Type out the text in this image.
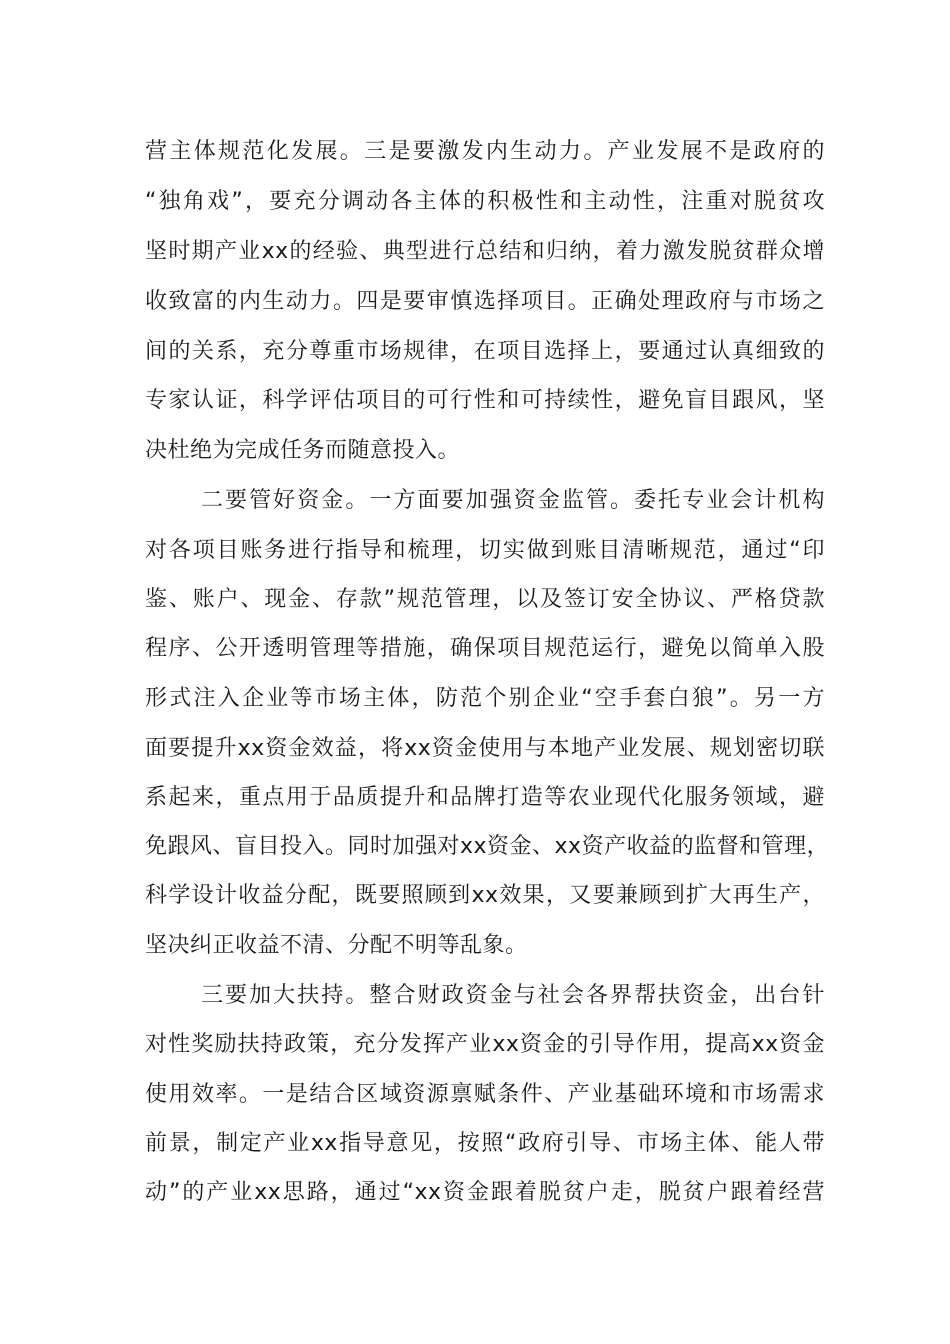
营主体规范化发展。三是要激发内生动力。产业发展不是政府的
“独角戏”，要充分调动各主体的积极性和主动性，注重对脱贫攻
坚时期产业xx的经验、典型进行总结和归纳，着力激发脱贫群众增
收致富的内生动力。四是要审慎选择项目。正确处理政府与市场之
间的关系，充分尊重市场规律，在项目选择上，要通过认真细致的
专家认证，科学评估项目的可行性和可持续性，避免盲目跟风，坚
决杜绝为完成任务而随意投入。
二要管好资金。一方面要加强资金监管。委托专业会计机构
对各项目账务进行指导和梳理，切实做到账目清晰规范，通过“印
鉴、账户、现金、存款”规范管理，以及签订安全协议、严格贷款
程序、公开透明管理等措施，确保项目规范运行，避免以简单入股
形式注入企业等市场主体，防范个别企业“空手套白狼”。另一方
面要提升xx资金效益，将xx资金使用与本地产业发展、规划密切联
系起来，重点用于品质提升和品牌打造等农业现代化服务领域，避
免跟风、盲目投入。同时加强对xx资金、xx资产收益的监督和管理，
科学设计收益分配，既要照顾到xx效果，又要兼顾到扩大再生产，
坚决纠正收益不清、分配不明等乱象。
三要加大扶持。整合财政资金与社会各界帮扶资金，出台针
对性奖励扶持政策，充分发挥产业xx资金的引导作用，提高xx资金
使用效率。一是结合区域资源禀赋条件、产业基础环境和市场需求
前景，制定产业xx指导意见，按照“政府引导、市场主体、能人带
动”的产业xx思路，通过“xx资金跟着脱贫户走，脱贫户跟着经营
